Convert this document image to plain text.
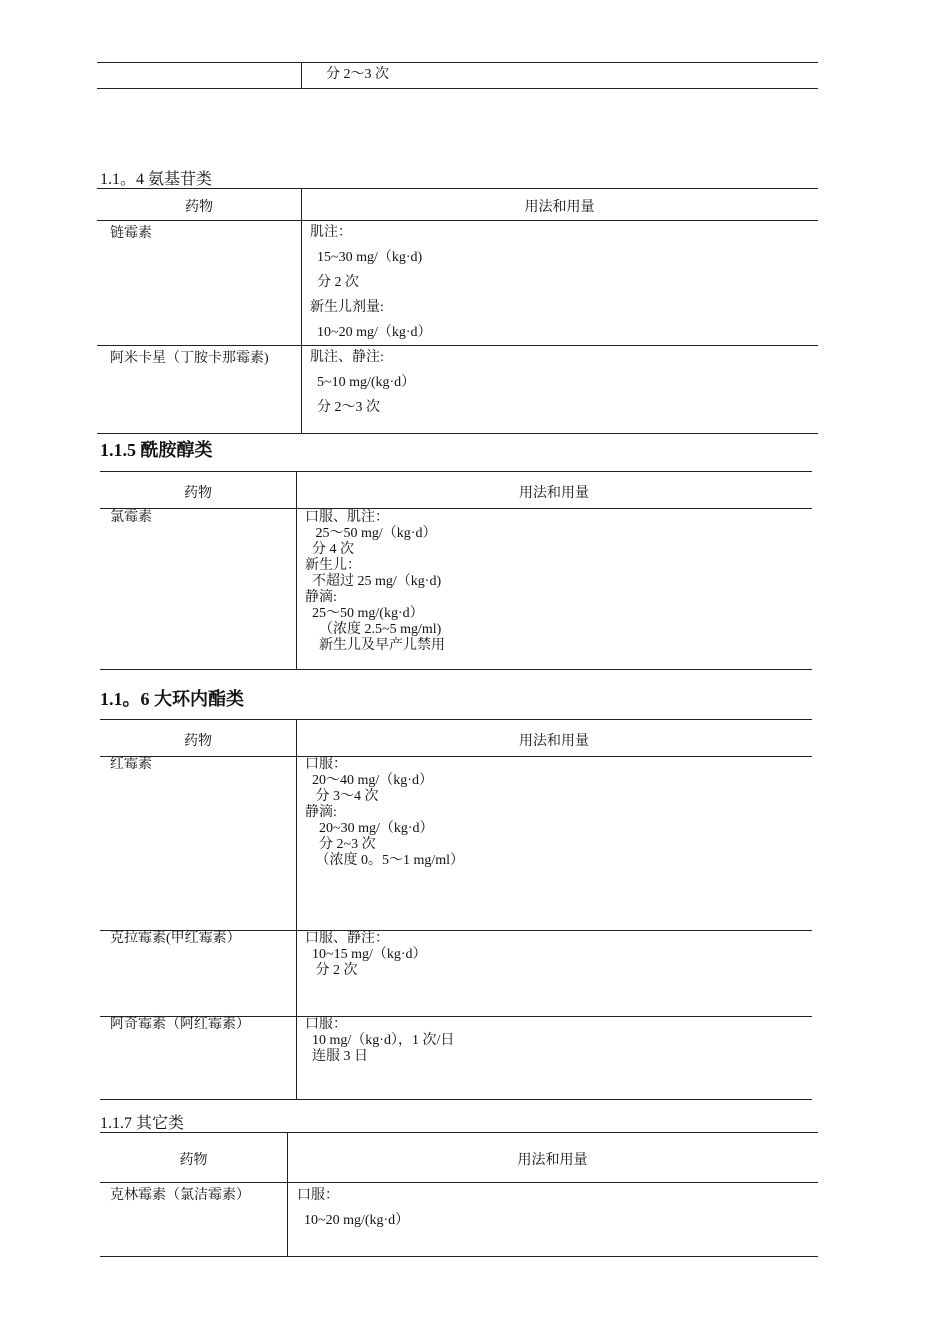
分 2～3 次
1.1。4 氨基苷类
药物	用法和用量
链霉素	肌注：
15~30 mg/（kg·d)
分 2 次
新生儿剂量:
10~20 mg/（kg·d）
阿米卡星（丁胺卡那霉素)	肌注、静注:
5~10 mg/(kg·d）
分 2～3 次
1.1.5 酰胺醇类
药物	用法和用量
氯霉素	口服、肌注：
25～50 mg/（kg·d）
分 4 次
新生儿：
不超过 25 mg/（kg·d)
静滴:
25～50 mg/(kg·d）
（浓度 2.5~5 mg/ml)
新生儿及早产儿禁用
1.1。6 大环内酯类
药物	用法和用量
红霉素	口服：
20～40 mg/（kg·d）
分 3～4 次
静滴:
20~30 mg/（kg·d）
分 2~3 次
（浓度 0。5～1 mg/ml）
克拉霉素(甲红霉素）	口服、静注：
10~15 mg/（kg·d）
分 2 次
阿奇霉素（阿红霉素）	口服：
10 mg/（kg·d），1 次/日
连服 3 日
1.1.7 其它类
药物	用法和用量
克林霉素（氯洁霉素）	口服：
10~20 mg/(kg·d）
